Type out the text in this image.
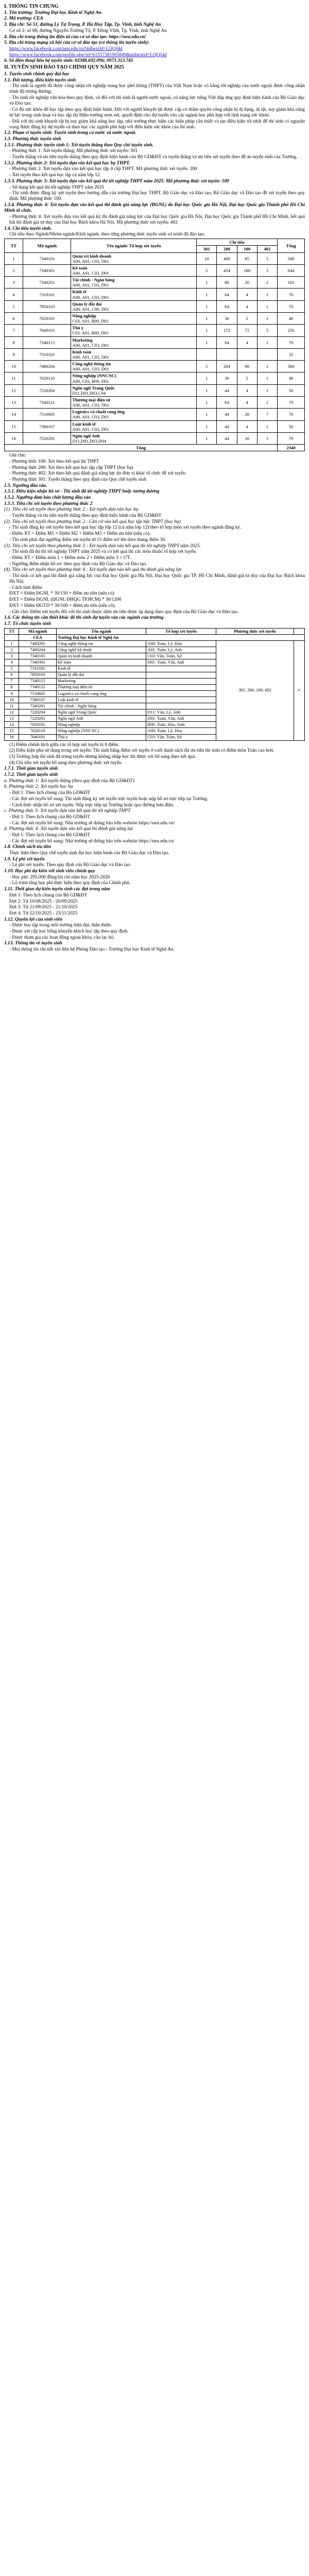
I. THÔNG TIN CHUNG

1. Tên trường: Trường Đại học Kinh tế Nghệ An

2. Mã trường: CEA

3. Địa chỉ: Số 51, đường Lý Tự Trọng, P. Hà Huy Tập, Tp. Vinh, tỉnh Nghệ An

Cơ sở 2: số 68, đường Nguyễn Trường Tộ, P. Đông Vĩnh, Tp. Vinh, tỉnh Nghệ An

4. Địa chỉ trang thông tin điện tử của cơ sở đào tạo: https://neu.edu.vn/

5. Địa chỉ trang mạng xã hội của cơ sở đào tạo (có thông tin tuyển sinh):

https://www.facebook.com/neu.edu.vn?mibextid=LQQJ4d

https://www.facebook.com/profile.php?id=61557381965849&mibextid=LQQJ4d

6. Số điện thoại liên hệ tuyển sinh: 02388.692.096; 0973.313.745

II. TUYỂN SINH ĐÀO TẠO CHÍNH QUY NĂM 2025
1. Tuyển sinh chính quy đại học

1.1. Đối tượng, điều kiện tuyển sinh

- Thí sinh là người đã được công nhận tốt nghiệp trung học phổ thông (THPT) của Việt Nam hoặc có bằng tốt nghiệp của nước ngoài được công nhận trình độ tương đương;

- Thí sinh tốt nghiệp văn hóa theo quy định, và đối với thí sinh là người nước ngoài, có năng lực tiếng Việt đáp ứng quy định hiện hành của Bộ Giáo dục và Đào tạo;

- Có đủ sức khỏe để học tập theo quy định hiện hành. Đối với người khuyết tật được cấp có thẩm quyền công nhận bị dị dạng, dị tật, suy giảm khả năng tự lực trong sinh hoạt và học tập thì Hiệu trưởng xem xét, quyết định cho dự tuyển vào các ngành học phù hợp với tình trạng sức khỏe;

- Đối với thí sinh khuyết tật bị suy giảm khả năng học tập, nhà trường thực hiện các biện pháp cần thiết và tạo điều kiện tốt nhất để thí sinh có nguyện vọng được đăng ký dự tuyển và theo học các ngành phù hợp với điều kiện sức khỏe của thí sinh.

1.2. Phạm vi tuyển sinh: Tuyển sinh trong cả nước và nước ngoài.

1.3. Phương thức tuyển sinh

1.3.1. Phương thức tuyển sinh 1: Xét tuyển thẳng theo Quy chế tuyển sinh.

- Phương thức 1: Xét tuyển thẳng; Mã phương thức xét tuyển: 301

- Tuyển thẳng và ưu tiên tuyển thẳng theo quy định hiện hành của Bộ GD&ĐT và tuyển thẳng và ưu tiên xét tuyển theo đề án tuyển sinh của Trường.

1.3.2. Phương thức 2: Xét tuyển dựa vào kết quả học bạ THPT.

- Phương thức 2: Xét tuyển dựa vào kết quả học tập ở cấp THPT. Mã phương thức xét tuyển: 200

- Xét tuyển theo kết quả học tập cả năm lớp 12.

1.3.3. Phương thức 3: Xét tuyển dựa vào kết quả thi tốt nghiệp THPT năm 2025. Mã phương thức xét tuyển: 100

- Sử dụng kết quả thi tốt nghiệp THPT năm 2025

- Thí sinh được đăng ký xét tuyển theo hướng dẫn của trường Đại học THPT, Bộ Giáo dục và Đào tạo, Bộ Giáo dục và Đào tạo đề xét tuyển theo quy định. Mã phương thức 100.

1.3.4. Phương thức 4: Xét tuyển dựa vào kết quả thi đánh giá năng lực (ĐGNL) do Đại học Quốc gia Hà Nội, Đại học Quốc gia Thành phố Hồ Chí Minh tổ chức.

- Phương thức 4: Xét tuyển dựa vào kết quả kỳ thi đánh giá năng lực của Đại học Quốc gia Hà Nội, Đại học Quốc gia Thành phố Hồ Chí Minh, kết quả bài thi đánh giá tư duy của Đại học Bách khoa Hà Nội. Mã phương thức xét tuyển: 402

1.4. Chỉ tiêu tuyển sinh.

Chỉ tiêu theo Ngành/Nhóm ngành/Khối ngành, theo từng phương thức tuyển sinh và trình độ đào tạo.

TT	Mã ngành	Tên ngành/ Tổ hợp xét tuyển	Chỉ tiêu				Tổng
			301	200	100	402	
1	7340101	Quản trị kinh doanh
A00, A01, C03, D01	10	400	85	5	500
2	7340301	Kế toán
A00, A01, C03, D01	5	454	180	5	644
3	7340201	Tài chính - Ngân hàng
A00, A01, C03, D01	1	80	20	2	103
4	7310101	Kinh tế
A00, A01, C03, D01	1	64	4	1	70
5	7850103	Quản lý đất đai
A00, A01, C00, D01	1	64	4	1	70
6	7620101	Nông nghiệp
C03, A01, B00, D01	1	36	2	1	40
7	7640101	Thú y
C03, A01, B00, D01	1	172	72	5	250
8	7340115	Marketing
A00, A01, C03, D01	1	64	4	1	70
9	7310101	Kinh toán
A00, A01, C03, D01					32
10	7480204	Công nghệ thông tin
A00, A01, C03, D01	5	204	90	1	300
11	7620110	Nông nghiệp (NNCNC)
A00, C03, B00, D01	1	36	2	1	40
12	7220204	Ngôn ngữ Trung Quốc
D11,D01,D03,C04	1	44	4	1	50
13	7340121	Thương mại điện tử
A00, A01, C03, D01	1	64	4	1	70
14	7510605	Logistics và chuỗi cung ứng
A00, A01, C03, D01	1	44	20	7	70
15	7380107	Luật kinh tế
A00, A01, C03, D01	1	44	4	1	50
16	7220201	Ngôn ngữ Anh
D11,D01,D03,D04	1	44	20	5	70
Tổng							2340

Ghi chú:

- Phương thức 100: Xét theo kết quả thi THPT

- Phương thức 200: Xét theo kết quả học tập cấp THPT (học bạ)

- Phương thức 402: Xét theo kết quả đánh giá năng lực do đơn vị khác tổ chức để xét tuyển

- Phương thức 301: Tuyển thẳng theo quy định của Quy chế tuyển sinh

1.5. Ngưỡng đầu vào.

1.5.1. Điều kiện nhận hồ sơ - Thí sinh đã tốt nghiệp THPT hoặc tương đương

1.5.2. Ngưỡng đảm bảo chất lượng đầu vào

1.5.3. Tiêu chí xét tuyển theo phương thức 2

(1). Tiêu chí xét tuyển theo phương thức 2 : Xét tuyển dựa vào học bạ

- Tuyển thẳng và ưu tiên tuyển thẳng theo quy định hiện hành của Bộ GD&ĐT

(2). Tiêu chí xét tuyển theo phương thức 2 : Căn cứ vào kết quả học tập bậc THPT (học bạ)

- Thí sinh đăng ký xét tuyển theo kết quả học tập lớp 12 (cả năm lớp 12) theo tổ hợp môn xét tuyển theo ngành đăng ký.

- Điểm XT = Điểm M1 + Điểm M2 + Điểm M3 + Điểm ưu tiên (nếu có).

- Thí sinh phải đạt ngưỡng điểm xét tuyển từ 15 điểm trở lên theo thang điểm 30.

(3). Tiêu chí xét tuyển theo phương thức 3 : Xét tuyển dựa vào kết quả thi tốt nghiệp THPT năm 2025.

- Thí sinh đã dự thi tốt nghiệp THPT năm 2025 và có kết quả thi các môn thuộc tổ hợp xét tuyển.

- Điểm XT = Điểm môn 1 + Điểm môn 2 + Điểm môn 3 + ƯT.

- Ngưỡng điểm nhận hồ sơ: theo quy định của Bộ Giáo dục và Đào tạo.

(4). Tiêu chí xét tuyển theo phương thức 4 : Xét tuyển dựa vào kết quả thi đánh giá năng lực

- Thí sinh có kết quả thi đánh giá năng lực của Đại học Quốc gia Hà Nội, Đại học Quốc gia TP. Hồ Chí Minh, đánh giá tư duy của Đại học Bách khoa Hà Nội.

- Cách tính điểm:

ĐXT = Điểm ĐGNL * 30/150 + điểm ưu tiên (nếu có)

ĐXT = Điểm ĐGNL (ĐGNL ĐHQG TP.HCM) * 30/1200

ĐXT = Điểm ĐGTD * 30/100 + điểm ưu tiên (nếu có).

- Ghi chú: Điểm xét tuyển đối với thí sinh thuộc diện ưu tiên được áp dụng theo quy định của Bộ Giáo dục và Đào tạo.

1.6. Các thông tin cần thiết khác để thí sinh dự tuyển vào các ngành của trường

1.7. Tổ chức tuyển sinh

TT	Mã ngành	Tên ngành	Tổ hợp xét tuyển	Phương thức xét tuyển	
	CEA	Trường Đại học Kinh tế Nghệ An			
1	7480201	Công nghệ thông tin	A00: Toán, Lý, Hóa	301; 200; 100; 402	✓
2	7480204	Công nghệ kỹ thuật	A01: Toán, Lý, Anh		
3	7340101	Quản trị kinh doanh	C03: Văn, Toán, Sử		
4	7340301	Kế toán	D01: Toán, Văn, Anh		
5	7310101	Kinh tế			
6	7850103	Quản lý đất đai			
7	7340115	Marketing			
8	7340121	Thương mại điện tử			
9	7510605	Logistics và chuỗi cung ứng			
10	7380107	Luật kinh tế			
11	7340201	Tài chính - Ngân hàng			
12	7220204	Ngôn ngữ Trung Quốc	D11: Văn, Lý, Anh		
13	7220201	Ngôn ngữ Anh	D01: Toán, Văn, Anh		
14	7620101	Nông nghiệp	B00: Toán, Hóa, Sinh		
15	7620110	Nông nghiệp (NNCNC)	A00: Toán, Lý, Hóa		
16	7640101	Thú y	C03: Văn, Toán, Sử		

(1) Điểm chênh lệch giữa các tổ hợp xét tuyển là 0 điểm.

(2) Điều kiện phụ sử dụng trong xét tuyển: Thí sinh bằng điểm xét tuyển ở cuối danh sách thì ưu tiên thí sinh có điểm môn Toán cao hơn.

(3) Trường hợp thí sinh đã trúng tuyển nhưng không nhập học thì được xét bổ sung theo kết quả.

(4) Chỉ tiêu xét tuyển bổ sung theo phương thức xét tuyển.

1.7.1. Thời gian tuyển sinh

1.7.2. Thời gian tuyển sinh

a. Phương thức 1: Xét tuyển thẳng (theo quy định của Bộ GD&ĐT)

b. Phương thức 2: Xét tuyển học bạ

- Đợt 1: Theo lịch chung của Bộ GD&ĐT

- Các đợt xét tuyển bổ sung: Thí sinh đăng ký xét tuyển trực tuyến hoặc nộp hồ sơ trực tiếp tại Trường.

- Cách thức nhận hồ sơ xét tuyển: Nộp trực tiếp tại Trường hoặc qua đường bưu điện.

c. Phương thức 3: Xét tuyển dựa vào kết quả thi tốt nghiệp THPT

- Đợt 1: Theo lịch chung của Bộ GD&ĐT

- Các đợt xét tuyển bổ sung: Nhà trường sẽ thông báo trên website https://neu.edu.vn/

d. Phương thức 4: Xét tuyển dựa vào kết quả thi đánh giá năng lực

- Đợt 1: Theo lịch chung của Bộ GD&ĐT

- Các đợt xét tuyển bổ sung: Nhà trường sẽ thông báo trên website https://neu.edu.vn/

1.8. Chính sách ưu tiên

Thực hiện theo Quy chế tuyển sinh đại học hiện hành của Bộ Giáo dục và Đào tạo.

1.9. Lệ phí xét tuyển

- Lệ phí xét tuyển: Theo quy định của Bộ Giáo dục và Đào tạo.

1.10. Học phí dự kiến với sinh viên chính quy

- Học phí: 295.000 đồng/tín chỉ năm học 2025-2026

- Lộ trình tăng học phí thực hiện theo quy định của Chính phủ.

1.11. Thời gian dự kiến tuyển sinh các đợt trong năm

Đợt 1: Theo lịch chung của Bộ GD&ĐT

Đợt 2: Từ 10/08/2025 - 20/09/2025

Đợt 3: Từ 21/09/2025 - 21/10/2025

Đợt 4: Từ 22/10/2025 - 23/11/2025

1.12. Quyền lợi của sinh viên

- Được học tập trong môi trường hiện đại, thân thiện.

- Được xét cấp học bổng khuyến khích học tập theo quy định.

- Được tham gia các hoạt động ngoại khóa, câu lạc bộ.

1.13. Thông tin về tuyển sinh

- Mọi thông tin chi tiết xin liên hệ Phòng Đào tạo - Trường Đại học Kinh tế Nghệ An.
